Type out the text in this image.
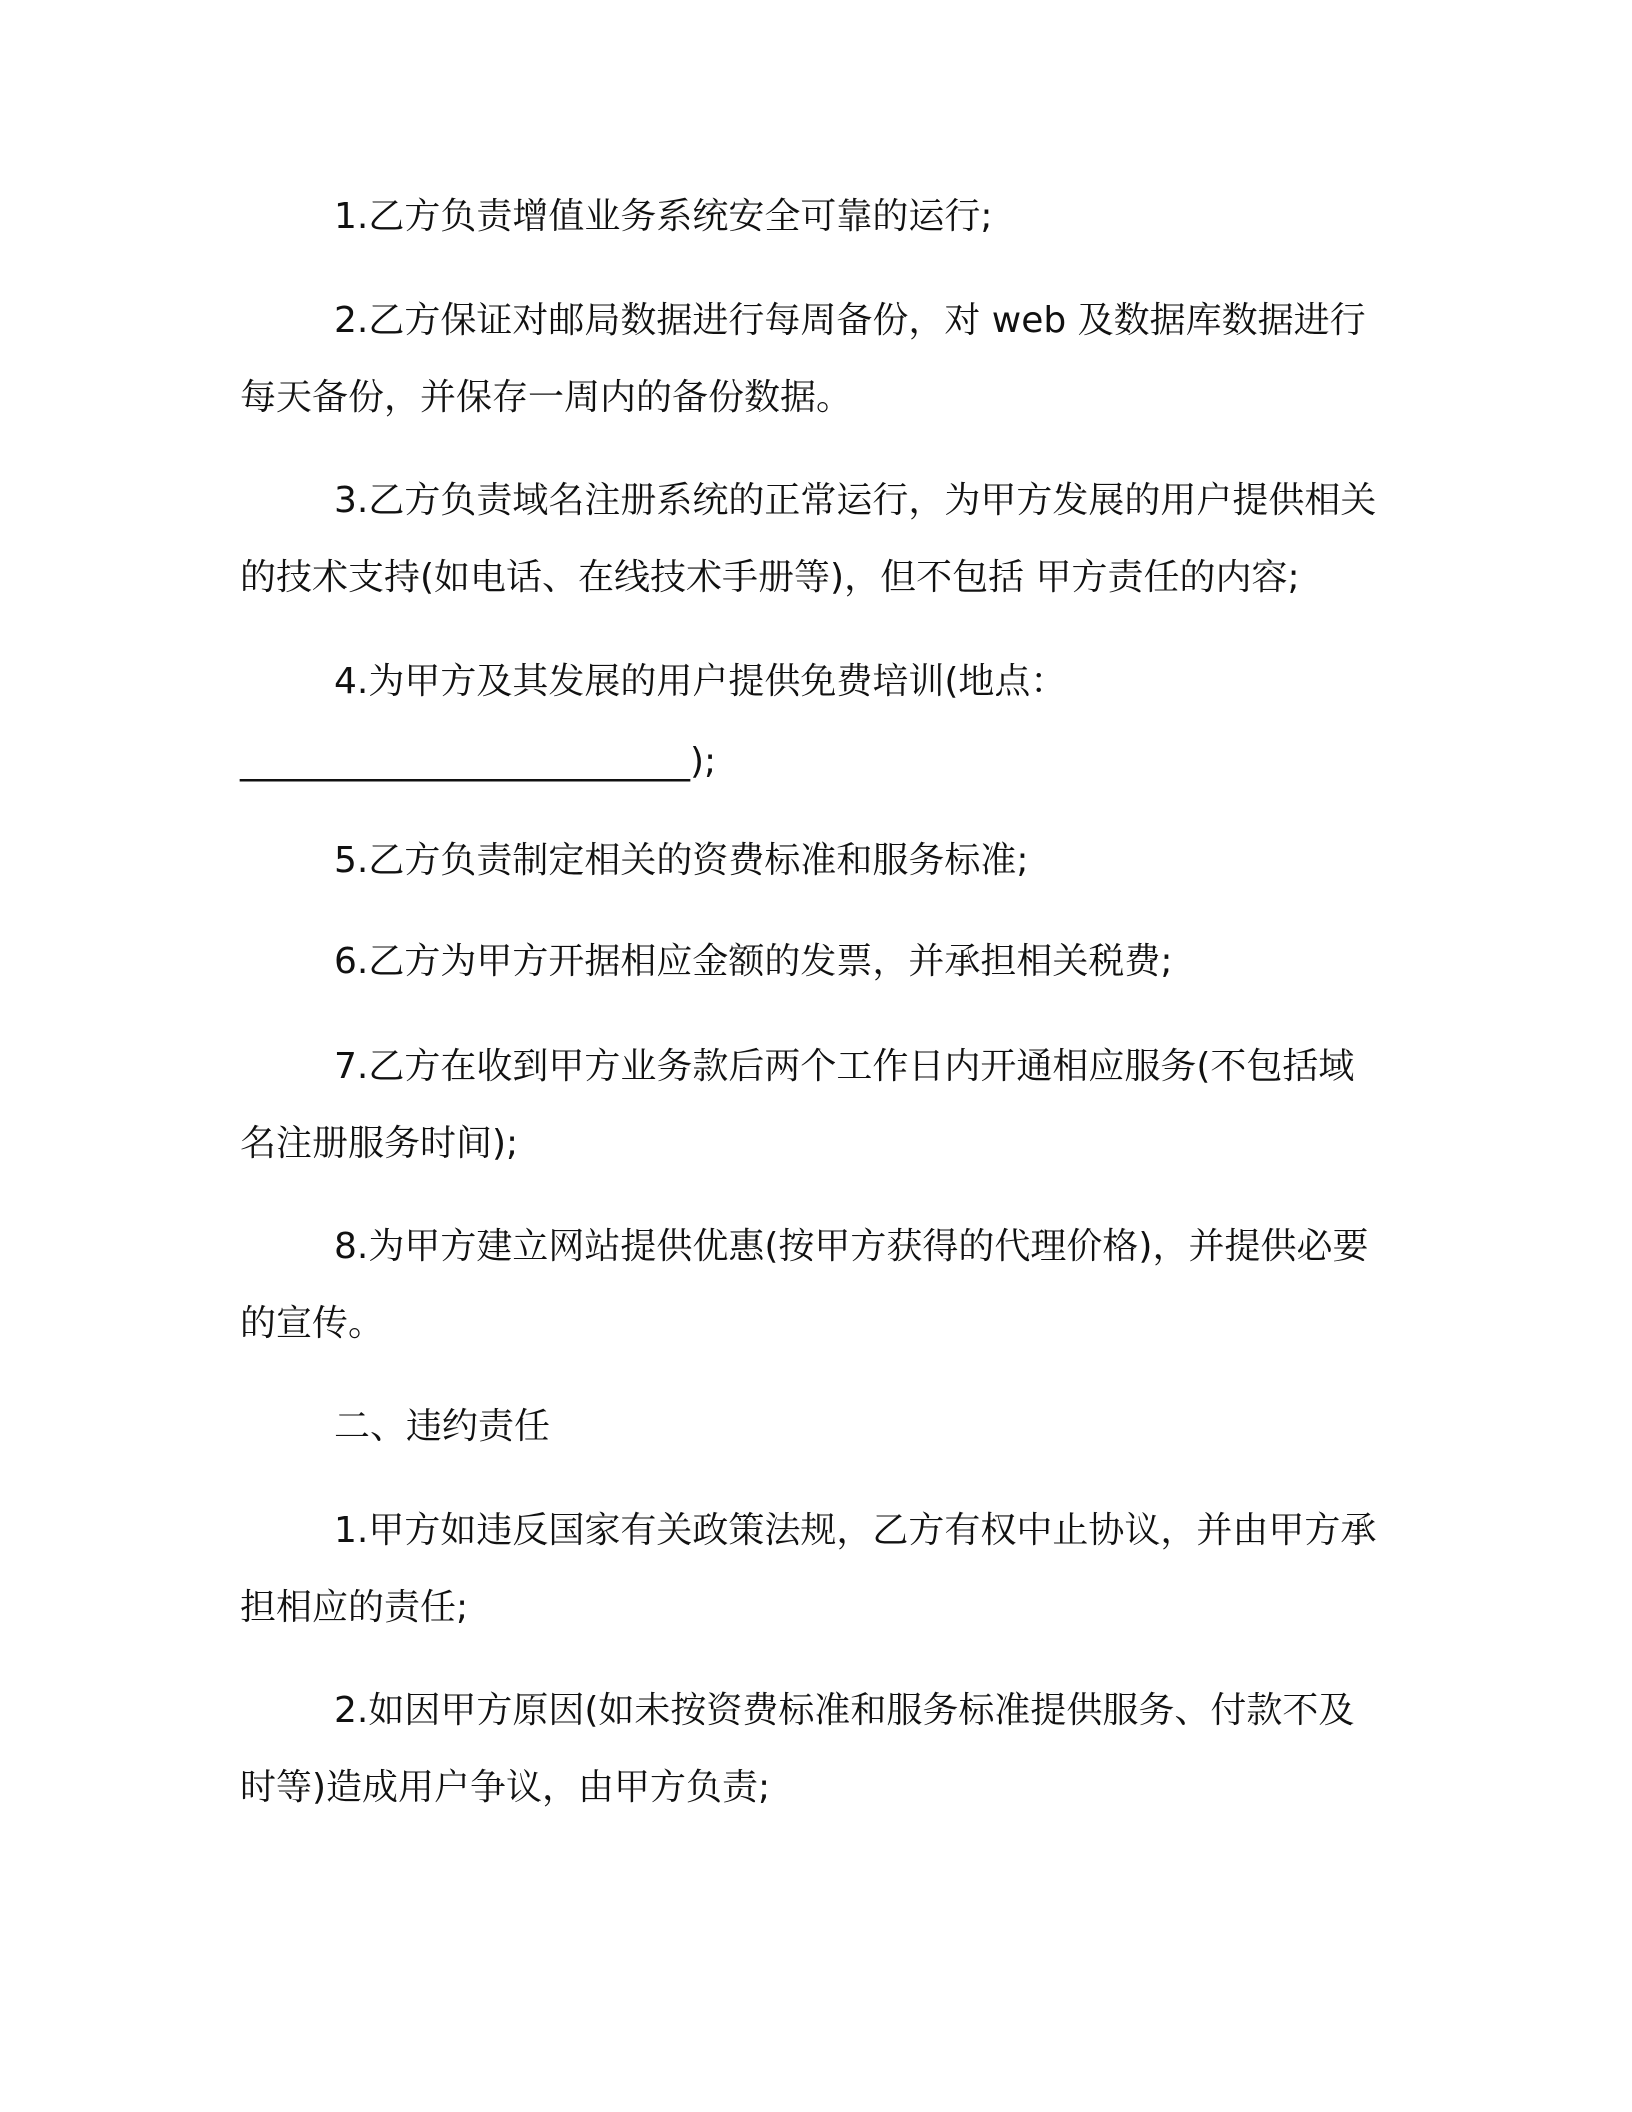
1.乙方负责增值业务系统安全可靠的运行;

2.乙方保证对邮局数据进行每周备份，对 web 及数据库数据进行每天备份，并保存一周内的备份数据。

3.乙方负责域名注册系统的正常运行，为甲方发展的用户提供相关的技术支持(如电话、在线技术手册等)，但不包括 甲方责任的内容;

4.为甲方及其发展的用户提供免费培训(地点：

_________________________);

5.乙方负责制定相关的资费标准和服务标准;

6.乙方为甲方开据相应金额的发票，并承担相关税费;

7.乙方在收到甲方业务款后两个工作日内开通相应服务(不包括域名注册服务时间);

8.为甲方建立网站提供优惠(按甲方获得的代理价格)，并提供必要的宣传。

二、违约责任

1.甲方如违反国家有关政策法规，乙方有权中止协议，并由甲方承担相应的责任;

2.如因甲方原因(如未按资费标准和服务标准提供服务、付款不及时等)造成用户争议，由甲方负责;
